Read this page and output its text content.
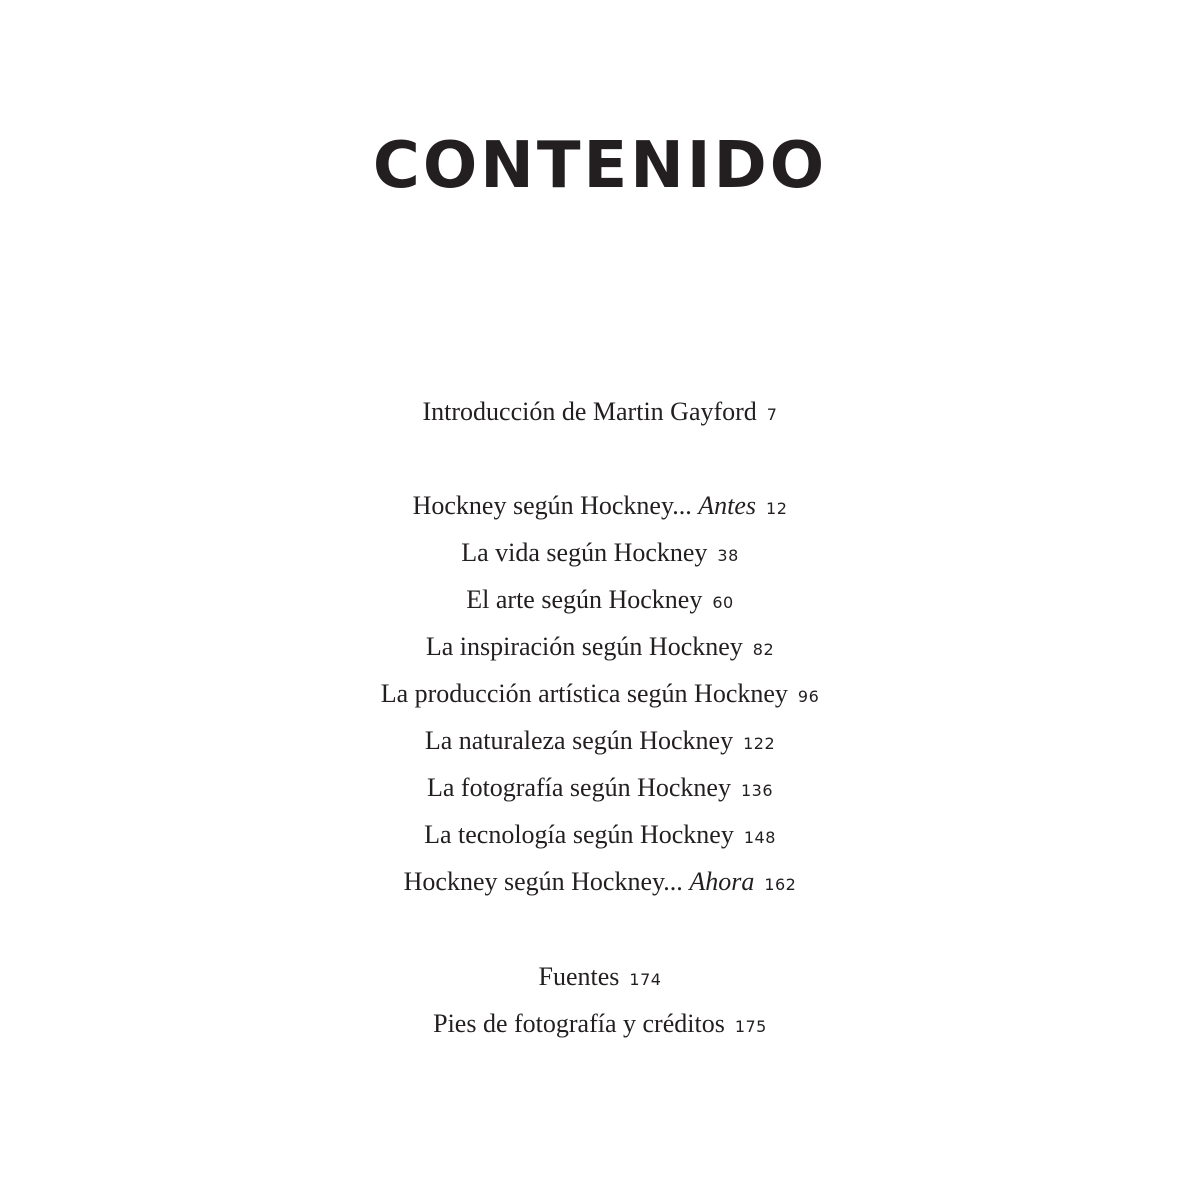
CONTENIDO
Introducción de Martin Gayford 7
Hockney según Hockney... Antes 12
La vida según Hockney 38
El arte según Hockney 60
La inspiración según Hockney 82
La producción artística según Hockney 96
La naturaleza según Hockney 122
La fotografía según Hockney 136
La tecnología según Hockney 148
Hockney según Hockney... Ahora 162
Fuentes 174
Pies de fotografía y créditos 175
